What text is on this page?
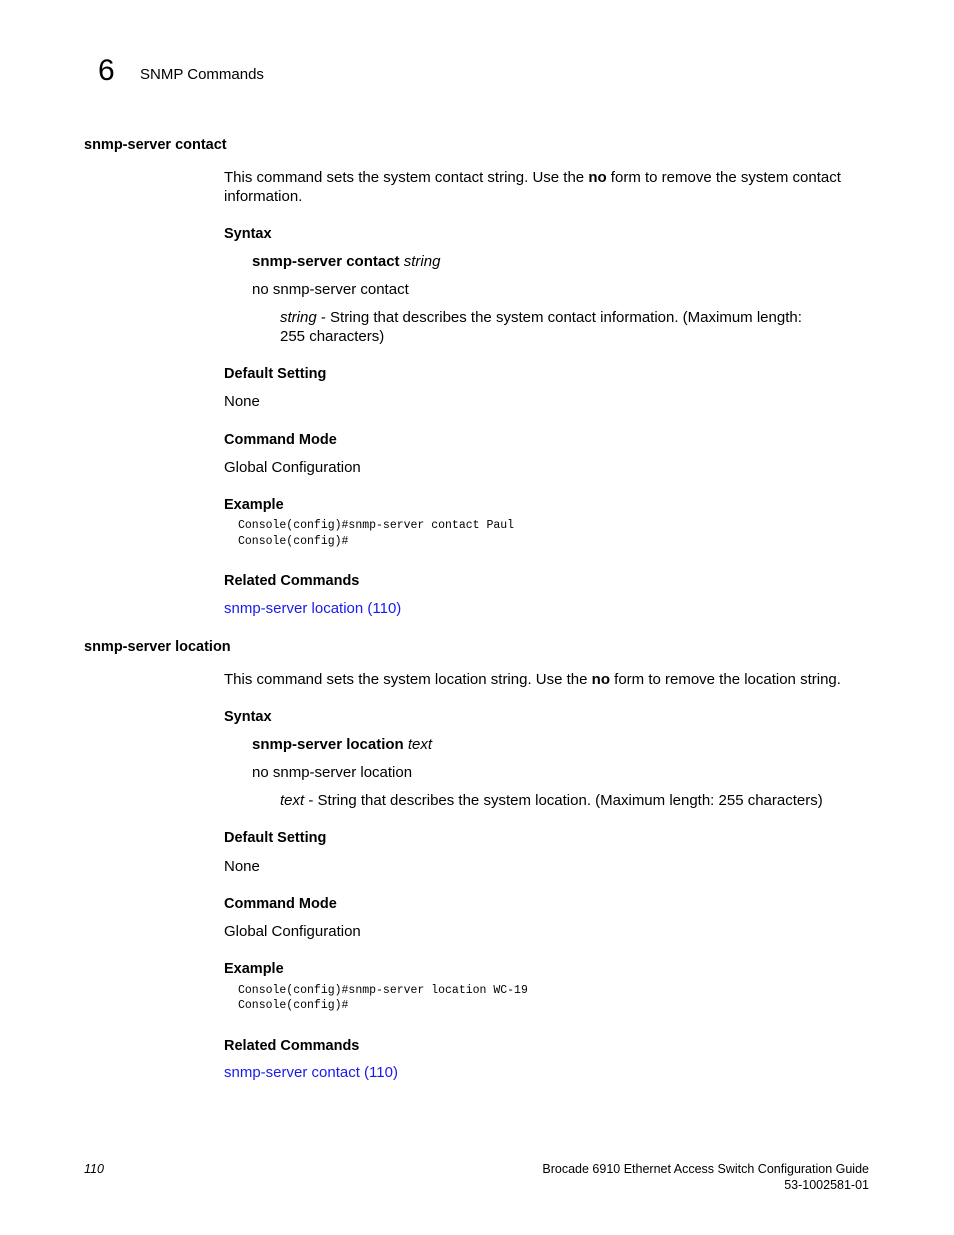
6 SNMP Commands
snmp-server contact
This command sets the system contact string. Use the no form to remove the system contact information.
Syntax
snmp-server contact string
no snmp-server contact
string - String that describes the system contact information. (Maximum length: 255 characters)
Default Setting
None
Command Mode
Global Configuration
Example
Console(config)#snmp-server contact Paul
Console(config)#
Related Commands
snmp-server location (110)
snmp-server location
This command sets the system location string. Use the no form to remove the location string.
Syntax
snmp-server location text
no snmp-server location
text - String that describes the system location. (Maximum length: 255 characters)
Default Setting
None
Command Mode
Global Configuration
Example
Console(config)#snmp-server location WC-19
Console(config)#
Related Commands
snmp-server contact (110)
110	Brocade 6910 Ethernet Access Switch Configuration Guide
53-1002581-01
